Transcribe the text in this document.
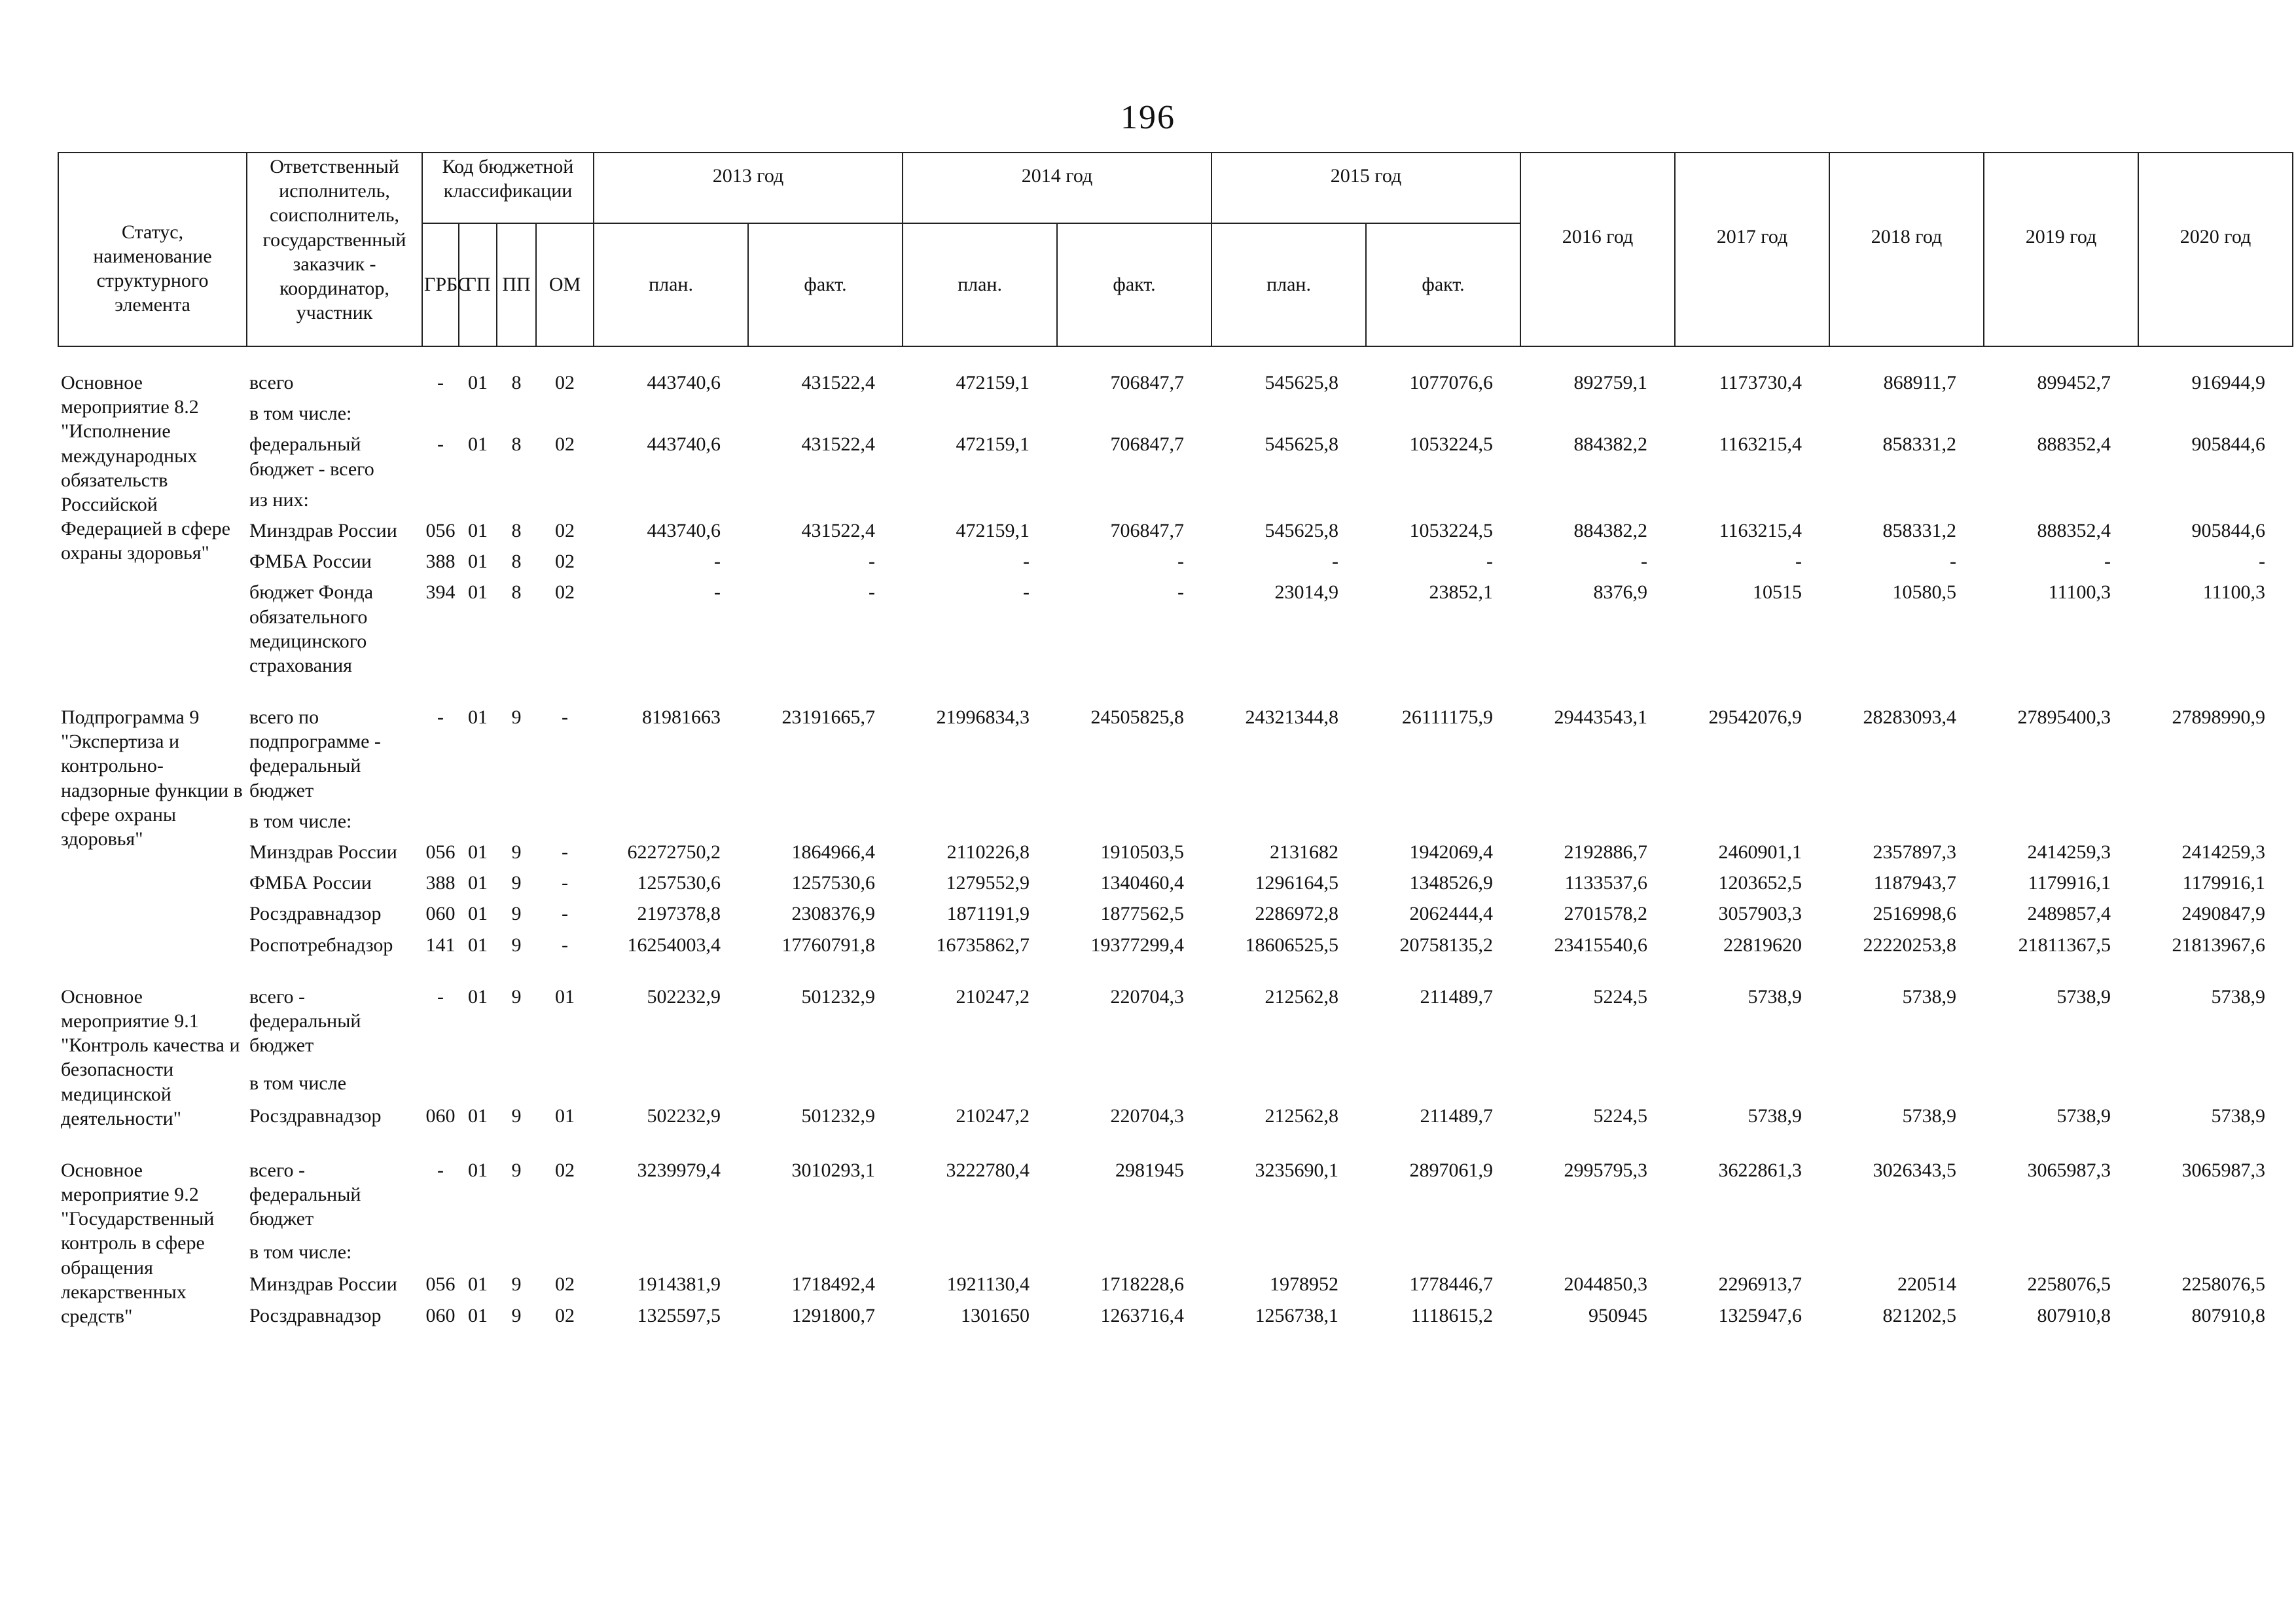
196
Статус, наименование структурного элемента	Ответственный исполнитель, соисполнитель, государственный заказчик - координатор, участник	Код бюджетной классификации				2013 год		2014 год		2015 год		2016 год	2017 год	2018 год	2019 год	2020 год
		ГРБС	ГП	ПП	ОМ	план.	факт.	план.	факт.	план.	факт.					

Основное мероприятие 8.2 "Исполнение международных обязательств Российской Федерацией в сфере охраны здоровья"	всего	-	01	8	02	443740,6	431522,4	472159,1	706847,7	545625,8	1077076,6	892759,1	1173730,4	868911,7	899452,7	916944,9
	в том числе:															
	федеральный бюджет - всего	-	01	8	02	443740,6	431522,4	472159,1	706847,7	545625,8	1053224,5	884382,2	1163215,4	858331,2	888352,4	905844,6
	из них:															
	Минздрав России	056	01	8	02	443740,6	431522,4	472159,1	706847,7	545625,8	1053224,5	884382,2	1163215,4	858331,2	888352,4	905844,6
	ФМБА России	388	01	8	02	-	-	-	-	-	-	-	-	-	-	-
	бюджет Фонда обязательного медицинского страхования	394	01	8	02	-	-	-	-	23014,9	23852,1	8376,9	10515	10580,5	11100,3	11100,3
Подпрограмма 9 "Экспертиза и контрольно-надзорные функции в сфере охраны здоровья"	всего по подпрограмме - федеральный бюджет	-	01	9	-	81981663	23191665,7	21996834,3	24505825,8	24321344,8	26111175,9	29443543,1	29542076,9	28283093,4	27895400,3	27898990,9
	в том числе:															
	Минздрав России	056	01	9	-	62272750,2	1864966,4	2110226,8	1910503,5	2131682	1942069,4	2192886,7	2460901,1	2357897,3	2414259,3	2414259,3
	ФМБА России	388	01	9	-	1257530,6	1257530,6	1279552,9	1340460,4	1296164,5	1348526,9	1133537,6	1203652,5	1187943,7	1179916,1	1179916,1
	Росздравнадзор	060	01	9	-	2197378,8	2308376,9	1871191,9	1877562,5	2286972,8	2062444,4	2701578,2	3057903,3	2516998,6	2489857,4	2490847,9
	Роспотребнадзор	141	01	9	-	16254003,4	17760791,8	16735862,7	19377299,4	18606525,5	20758135,2	23415540,6	22819620	22220253,8	21811367,5	21813967,6
Основное мероприятие 9.1 "Контроль качества и безопасности медицинской деятельности"	всего - федеральный бюджет	-	01	9	01	502232,9	501232,9	210247,2	220704,3	212562,8	211489,7	5224,5	5738,9	5738,9	5738,9	5738,9
	в том числе															
	Росздравнадзор	060	01	9	01	502232,9	501232,9	210247,2	220704,3	212562,8	211489,7	5224,5	5738,9	5738,9	5738,9	5738,9
Основное мероприятие 9.2 "Государственный контроль в сфере обращения лекарственных средств"	всего - федеральный бюджет	-	01	9	02	3239979,4	3010293,1	3222780,4	2981945	3235690,1	2897061,9	2995795,3	3622861,3	3026343,5	3065987,3	3065987,3
	в том числе:															
	Минздрав России	056	01	9	02	1914381,9	1718492,4	1921130,4	1718228,6	1978952	1778446,7	2044850,3	2296913,7	220514	2258076,5	2258076,5
	Росздравнадзор	060	01	9	02	1325597,5	1291800,7	1301650	1263716,4	1256738,1	1118615,2	950945	1325947,6	821202,5	807910,8	807910,8
